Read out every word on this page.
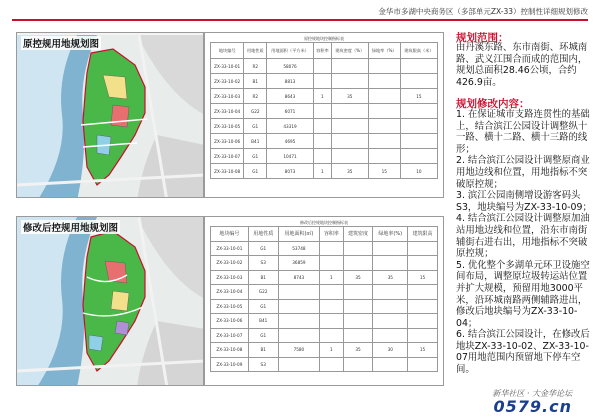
金华市多湖中央商务区（多部单元ZX-33）控制性详细规划修改
原控规用地规划图
修改后控规用地规划图
原控规地块控制指标表
地块编号	用地性质	用地面积（平方米）	容积率	建筑密度（%）	绿地率（%）	建筑限高（米）
ZX-33-10-01	R2	58076				
ZX-33-10-02	B1	8813				
ZX-33-10-03	R2	8643	1	35		15
ZX-33-10-04	G22	6071				
ZX-33-10-05	G1	43319				
ZX-33-10-06	B41	4695				
ZX-33-10-07	G1	10471				
ZX-33-10-08	G1	8073	1	35	15	10
修改后控规地块控制指标表
地块编号	用地性质	用地面积(㎡)	容积率	建筑密度	绿地率(%)	建筑限高
ZX-33-10-01	G1	53748				
ZX-33-10-02	S3	36859				
ZX-33-10-03	B1	8743	1	35	35	15
ZX-33-10-04	G22					
ZX-33-10-05	G1					
ZX-33-10-06	B41					
ZX-33-10-07	G1					
ZX-33-10-08	B1	7580	1	35	30	15
ZX-33-10-09	S3					
规划范围：

由丹溪东路、东市南街、环城南路、武义江围合而成的范围内，规划总面积28.46公顷，合约426.9亩。

规划修改内容：
1. 在保证城市支路连贯性的基础上，结合滨江公园设计调整纵十一路、横十二路、横十三路的线形；
2. 结合滨江公园设计调整原商业用地边线和位置，用地指标不突破原控规；
3. 滨江公园南侧增设游客码头S3，地块编号为ZX-33-10-09；
4. 结合滨江公园设计调整原加油站用地边线和位置，沿东市南街辅街右进右出，用地指标不突破原控规；
5. 优化整个多湖单元环卫设施空间布局，调整原垃圾转运站位置并扩大规模，预留用地3000平米，沿环城南路两侧辅路进出，修改后地块编号为ZX-33-10-04；
6. 结合滨江公园设计，在修改后地块ZX-33-10-02、ZX-33-10-07用地范围内预留地下停车空间。
新华社区 · 大金华论坛
0579.cn
